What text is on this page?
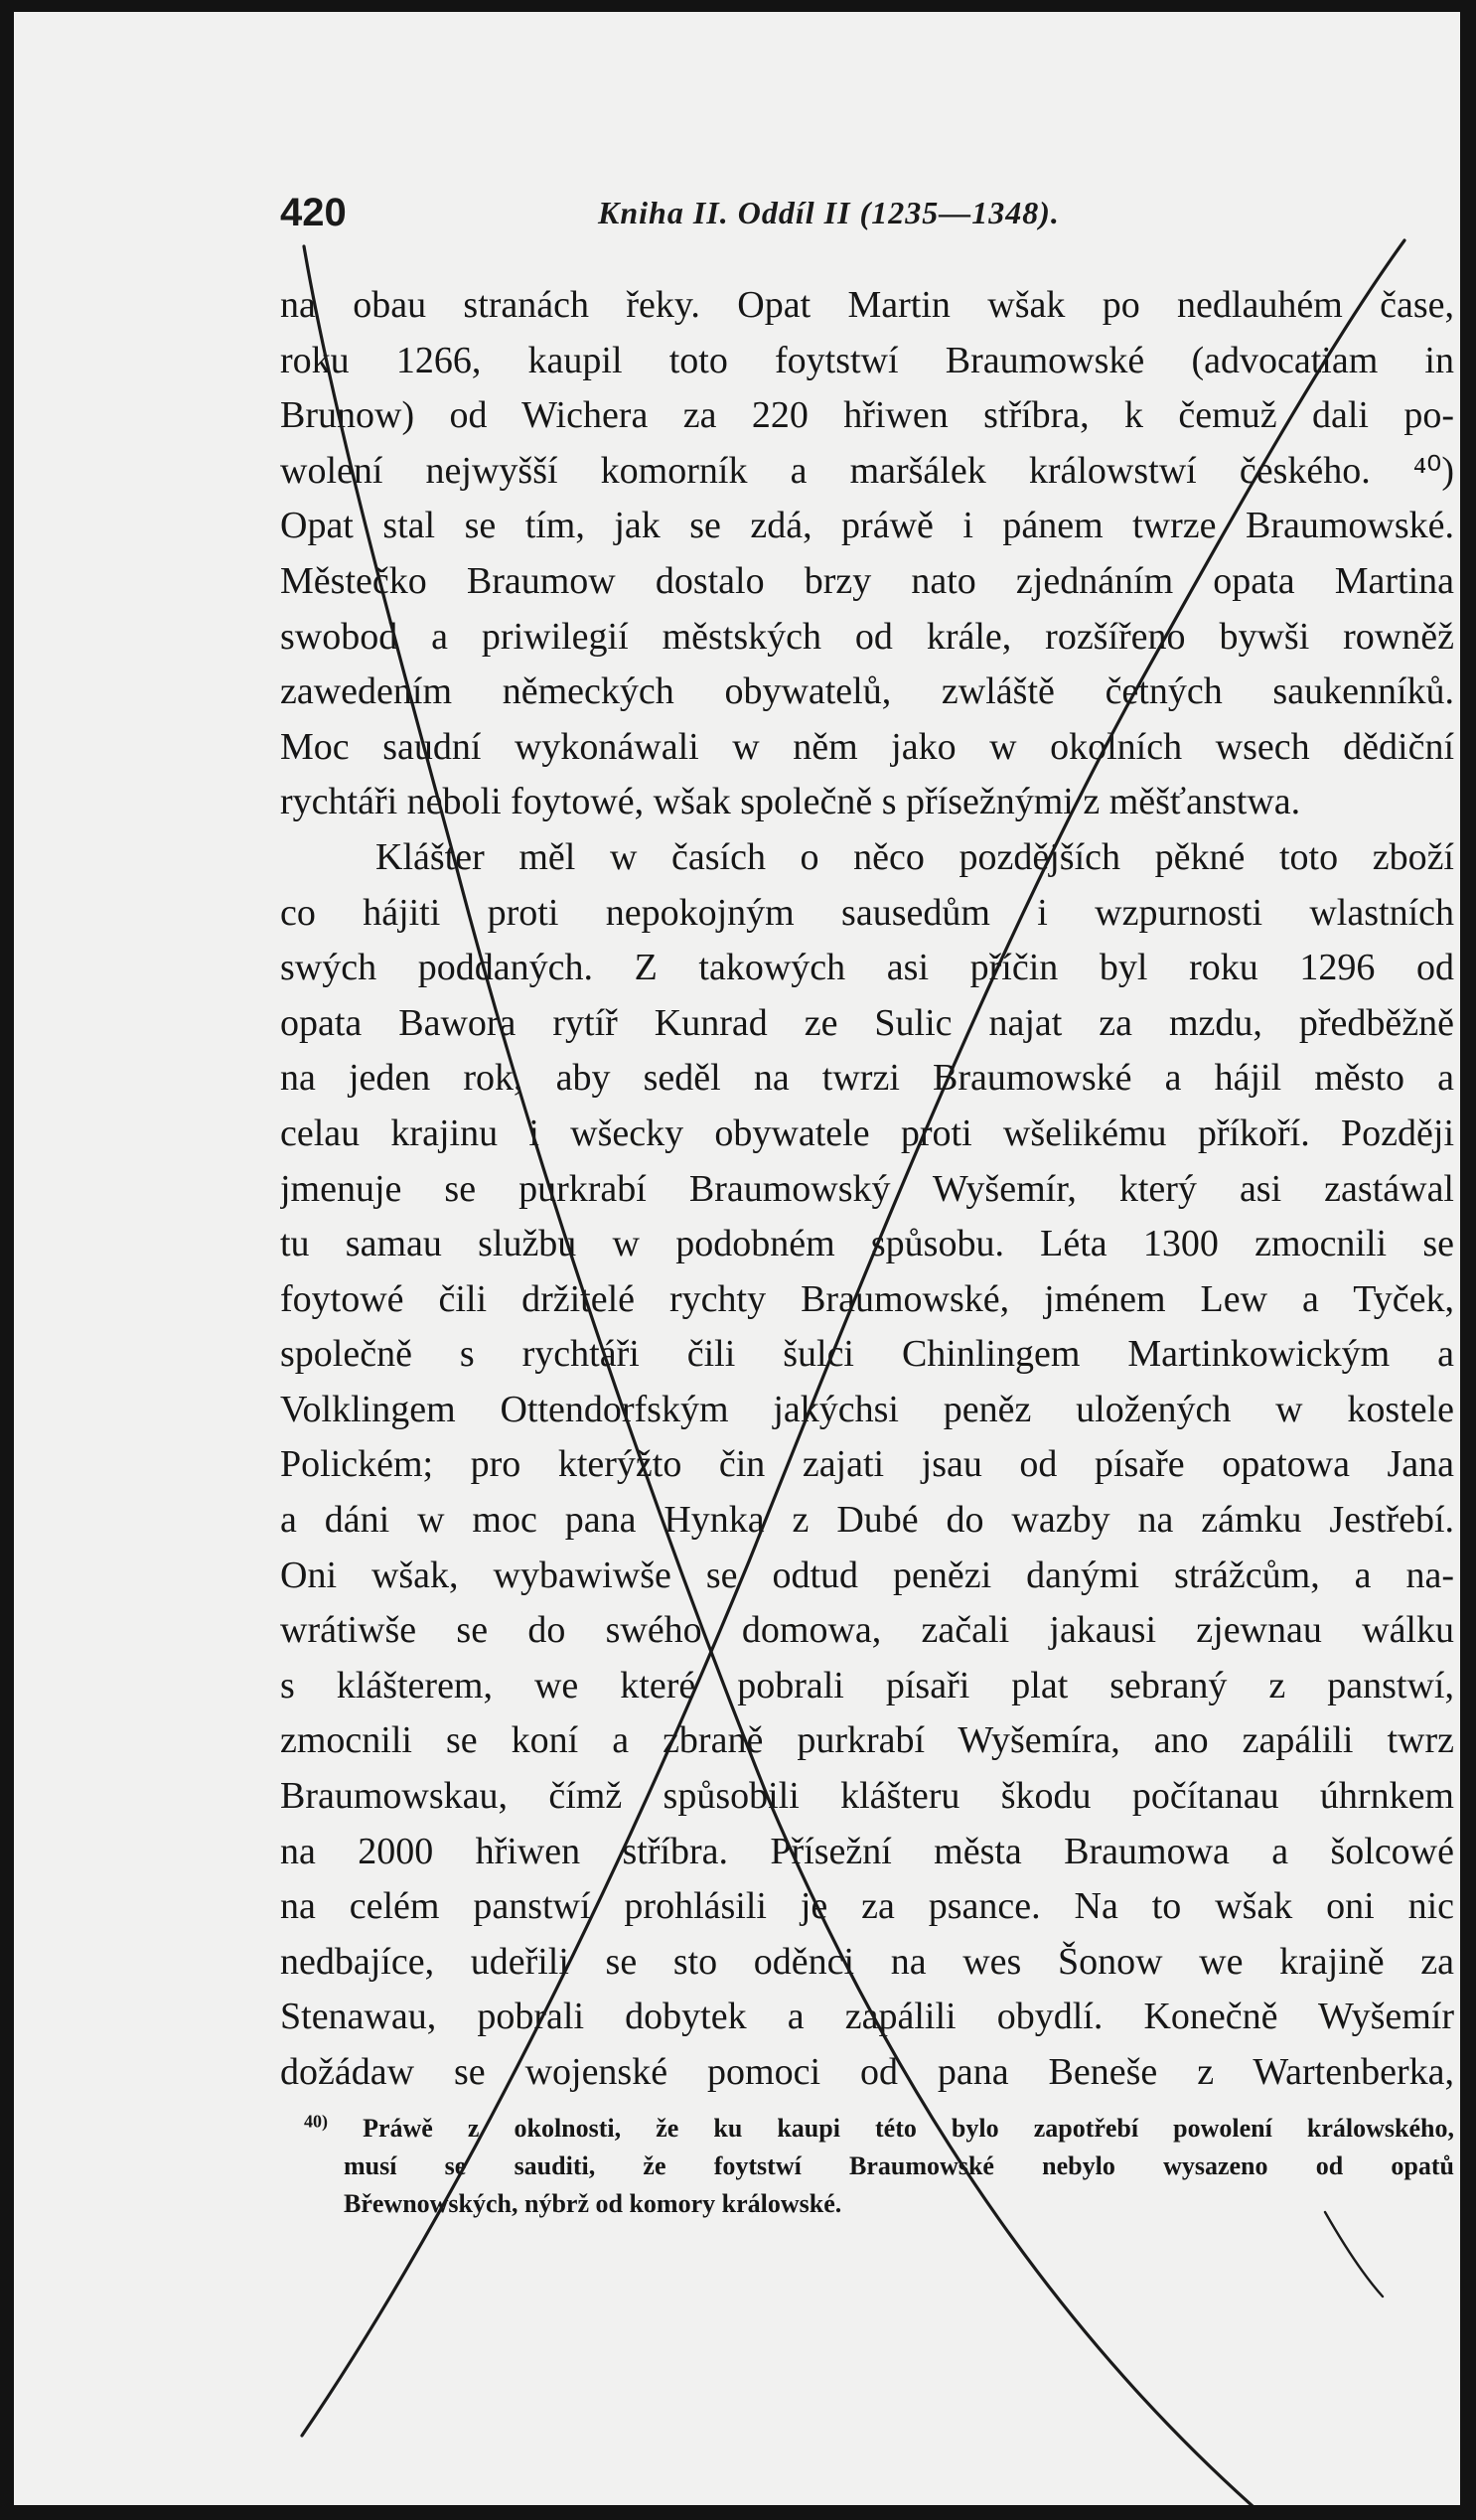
420	Kniha II. Oddíl II (1235—1348).
na obau stranách řeky. Opat Martin wšak po nedlauhém čase,
roku 1266, kaupil toto foytstwí Braumowské (advocatiam in
Brunow) od Wichera za 220 hřiwen stříbra, k čemuž dali po-
wolení nejwyšší komorník a maršálek králowstwí českého. ⁴⁰)
Opat stal se tím, jak se zdá, práwě i pánem twrze Braumowské.
Městečko Braumow dostalo brzy nato zjednáním opata Martina
swobod a priwilegií městských od krále, rozšířeno bywši rowněž
zawedením německých obywatelů, zwláště četných saukenníků.
Moc saudní wykonáwali w něm jako w okolních wsech dědiční
rychtáři neboli foytowé, wšak společně s přísežnými z měšťanstwa.
Klášter měl w časích o něco pozdějších pěkné toto zboží
co hájiti proti nepokojným sausedům i wzpurnosti wlastních
swých poddaných. Z takowých asi příčin byl roku 1296 od
opata Bawora rytíř Kunrad ze Sulic najat za mzdu, předběžně
na jeden rok, aby seděl na twrzi Braumowské a hájil město a
celau krajinu i wšecky obywatele proti wšelikému příkoří. Později
jmenuje se purkrabí Braumowský Wyšemír, který asi zastáwal
tu samau službu w podobném spůsobu. Léta 1300 zmocnili se
foytowé čili držitelé rychty Braumowské, jménem Lew a Tyček,
společně s rychtáři čili šulci Chinlingem Martinkowickým a
Volklingem Ottendorfským jakýchsi peněz uložených w kostele
Polickém; pro kterýžto čin zajati jsau od písaře opatowa Jana
a dáni w moc pana Hynka z Dubé do wazby na zámku Jestřebí.
Oni wšak, wybawiwše se odtud penězi danými strážcům, a na-
wrátiwše se do swého domowa, začali jakausi zjewnau wálku
s klášterem, we které pobrali písaři plat sebraný z panstwí,
zmocnili se koní a zbraně purkrabí Wyšemíra, ano zapálili twrz
Braumowskau, čímž spůsobili klášteru škodu počítanau úhrnkem
na 2000 hřiwen stříbra. Přísežní města Braumowa a šolcowé
na celém panstwí prohlásili je za psance. Na to wšak oni nic
nedbajíce, udeřili se sto oděnci na wes Šonow we krajině za
Stenawau, pobrali dobytek a zapálili obydlí. Konečně Wyšemír
dožádaw se wojenské pomoci od pana Beneše z Wartenberka,
$^{40)}$ Práwě z okolnosti, že ku kaupi této bylo zapotřebí powolení králowského,
musí se sauditi, že foytstwí Braumowské nebylo wysazeno od opatů
Břewnowských, nýbrž od komory králowské.
